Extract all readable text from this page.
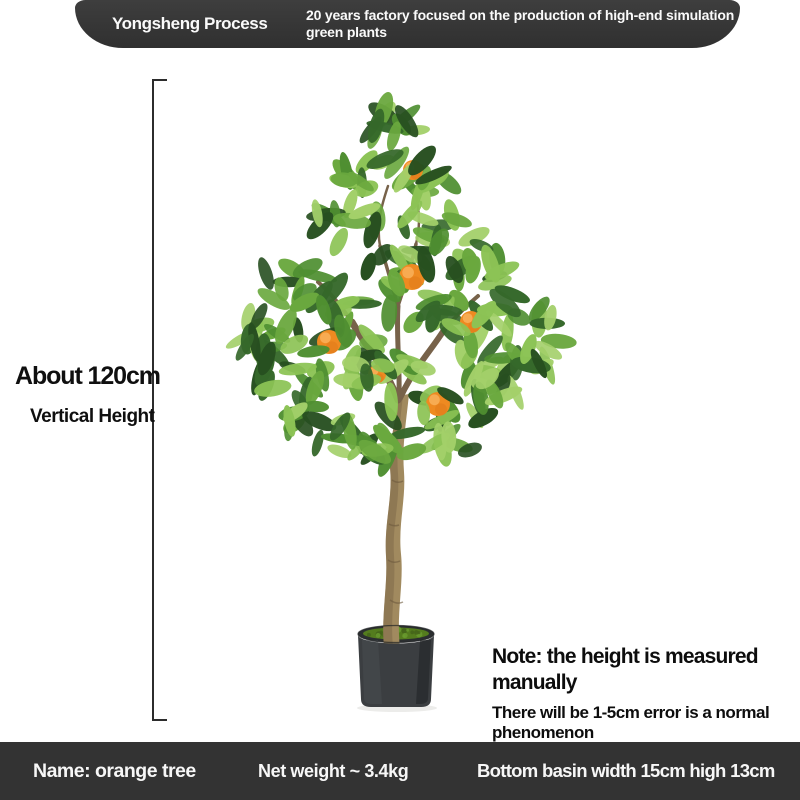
Yongsheng Process	20 years factory focused on the production of high-end simulation
green plants
About 120cm
Vertical Height
Note: the height is measured
manually
There will be 1-5cm error is a normal
phenomenon
Name: orange tree	Net weight ~ 3.4kg	Bottom basin width 15cm high 13cm
